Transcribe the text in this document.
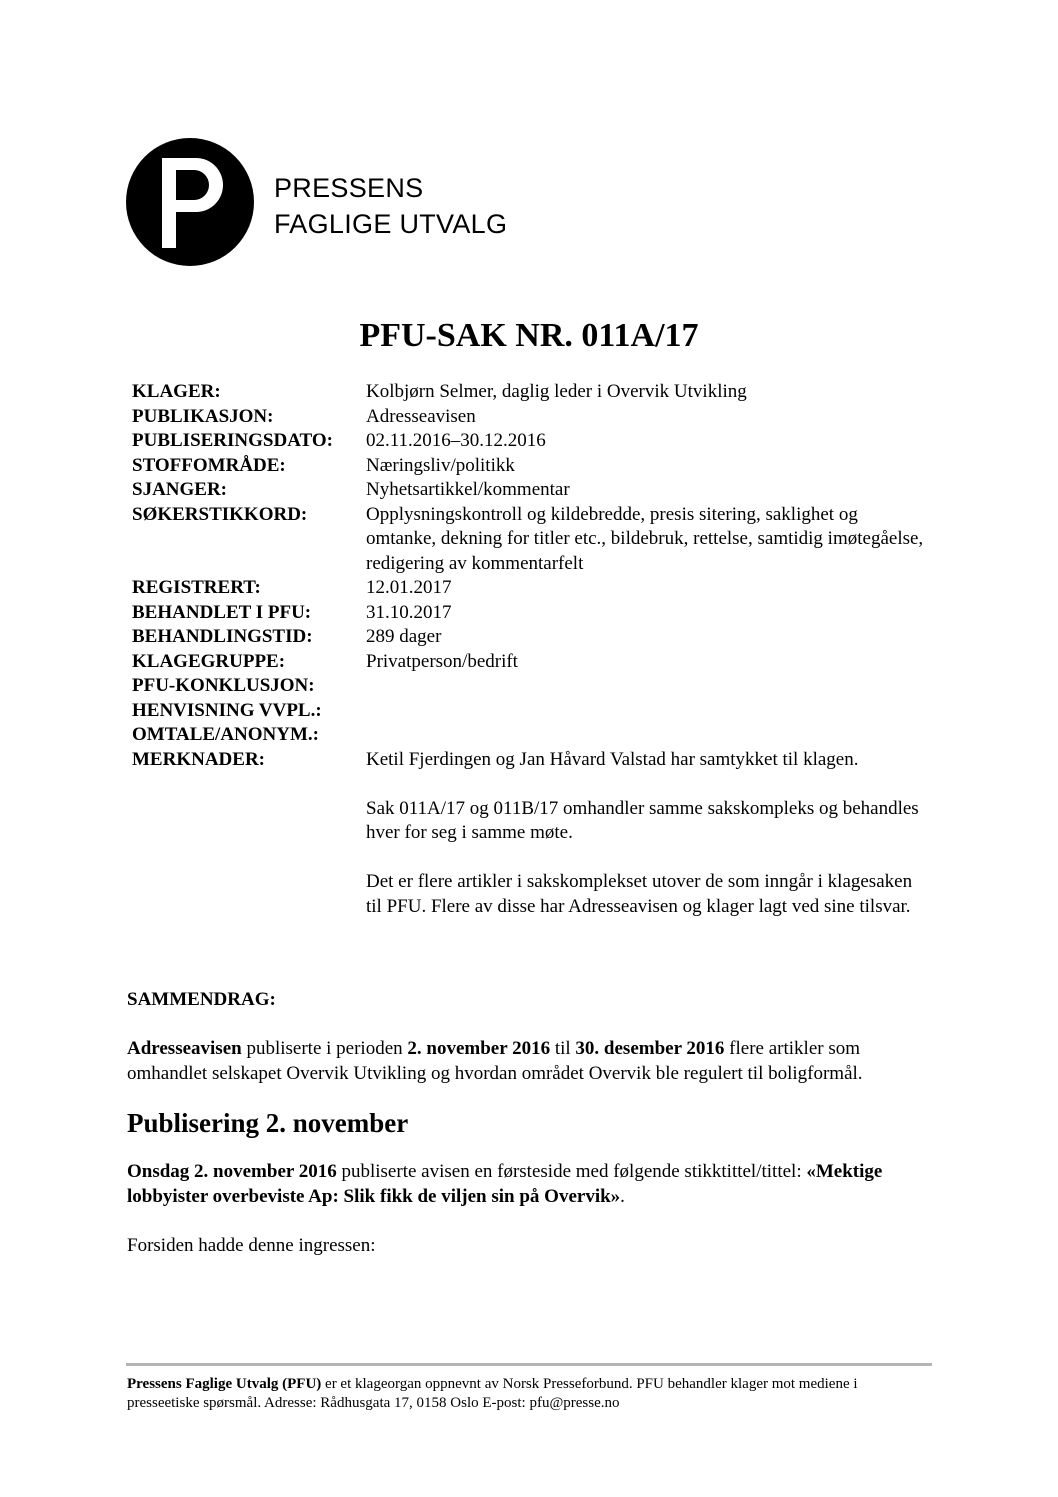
PRESSENS
FAGLIGE UTVALG
PFU-SAK NR. 011A/17
KLAGER:	Kolbjørn Selmer, daglig leder i Overvik Utvikling
PUBLIKASJON:	Adresseavisen
PUBLISERINGSDATO:	02.11.2016–30.12.2016
STOFFOMRÅDE:	Næringsliv/politikk
SJANGER:	Nyhetsartikkel/kommentar
SØKERSTIKKORD:	Opplysningskontroll og kildebredde, presis sitering, saklighet og omtanke, dekning for titler etc., bildebruk, rettelse, samtidig imøtegåelse, redigering av kommentarfelt
REGISTRERT:	12.01.2017
BEHANDLET I PFU:	31.10.2017
BEHANDLINGSTID:	289 dager
KLAGEGRUPPE:	Privatperson/bedrift
PFU-KONKLUSJON:
HENVISNING VVPL.:
OMTALE/ANONYM.:
MERKNADER:	Ketil Fjerdingen og Jan Håvard Valstad har samtykket til klagen.
Sak 011A/17 og 011B/17 omhandler samme sakskompleks og behandles hver for seg i samme møte.
Det er flere artikler i sakskomplekset utover de som inngår i klagesaken til PFU. Flere av disse har Adresseavisen og klager lagt ved sine tilsvar.

SAMMENDRAG:

Adresseavisen publiserte i perioden 2. november 2016 til 30. desember 2016 flere artikler som omhandlet selskapet Overvik Utvikling og hvordan området Overvik ble regulert til boligformål.

Publisering 2. november

Onsdag 2. november 2016 publiserte avisen en førsteside med følgende stikktittel/tittel: «Mektige lobbyister overbeviste Ap: Slik fikk de viljen sin på Overvik».

Forsiden hadde denne ingressen:

Pressens Faglige Utvalg (PFU) er et klageorgan oppnevnt av Norsk Presseforbund. PFU behandler klager mot mediene i presseetiske spørsmål. Adresse: Rådhusgata 17, 0158 Oslo E-post: pfu@presse.no
